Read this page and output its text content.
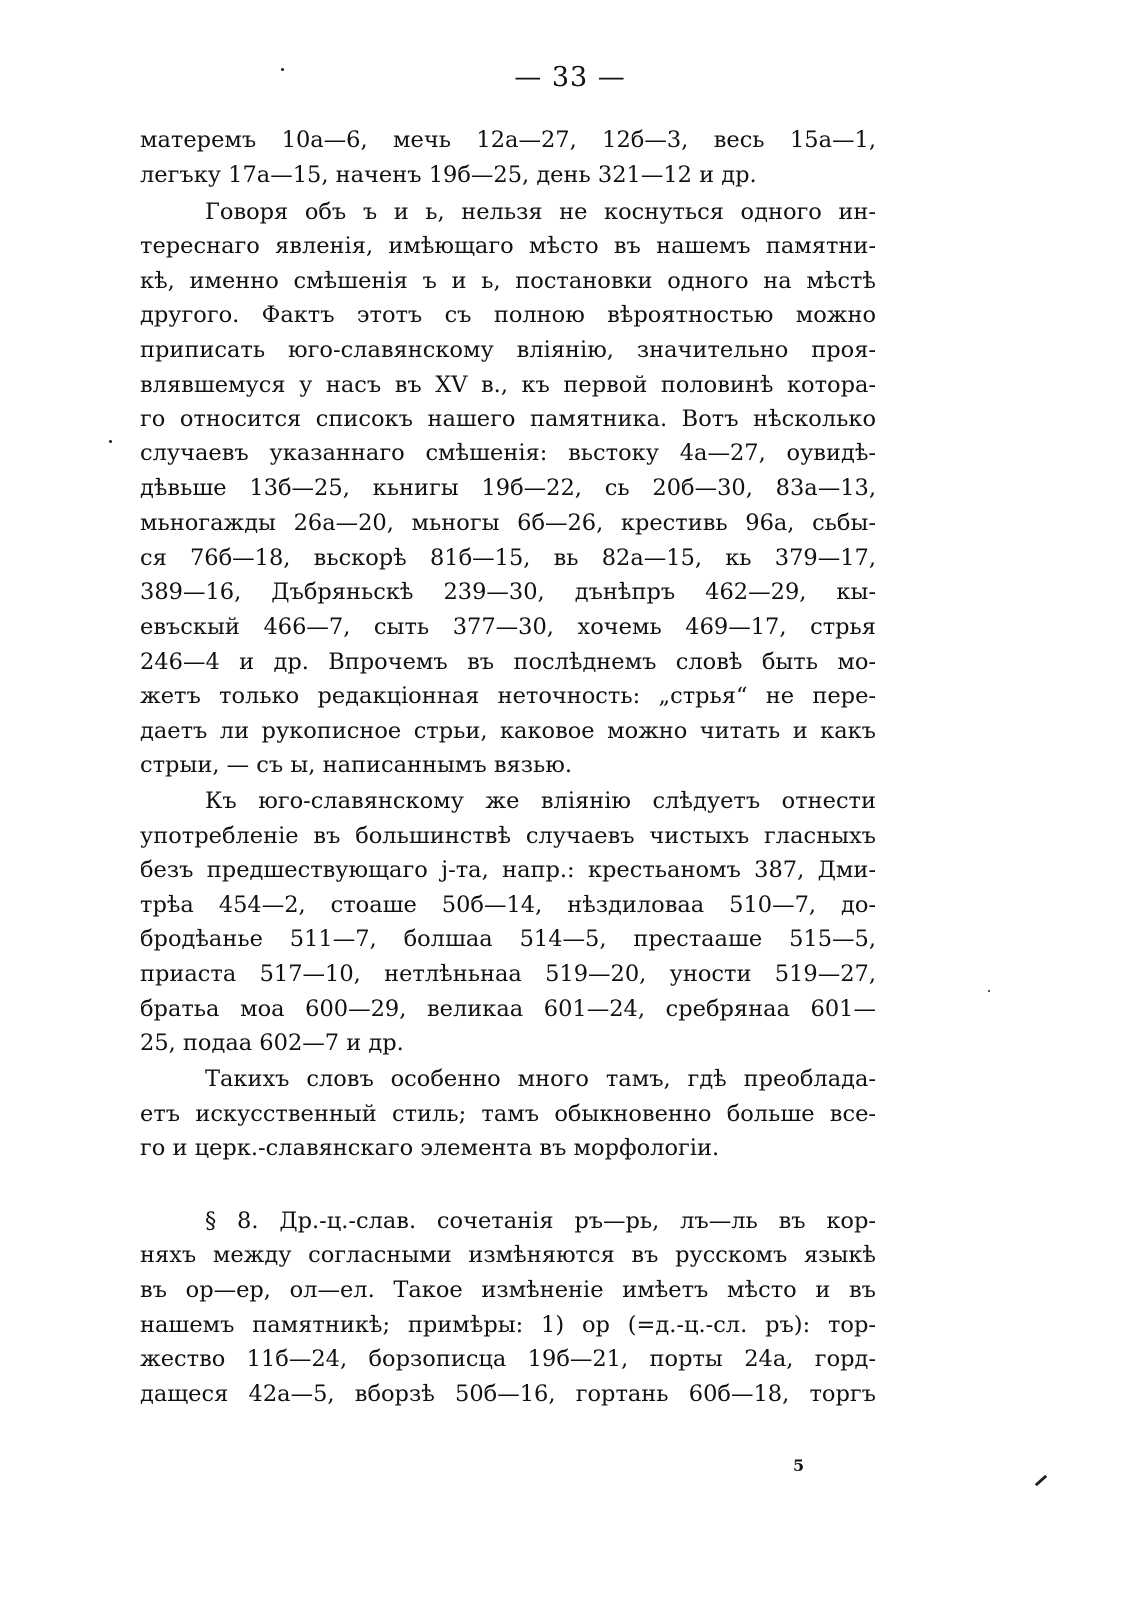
— 33 —
матеремъ 10а—6, мечь 12а—27, 12б—3, весь 15а—1,
легъку 17а—15, наченъ 19б—25, день 321—12 и др.
Говоря объ ъ и ь, нельзя не коснуться одного ин-
тереснаго явленія, имѣющаго мѣсто въ нашемъ памятни-
кѣ, именно смѣшенія ъ и ь, постановки одного на мѣстѣ
другого. Фактъ этотъ съ полною вѣроятностью можно
приписать юго-славянскому вліянію, значительно проя-
влявшемуся у насъ въ XV в., къ первой половинѣ котора-
го относится списокъ нашего памятника. Вотъ нѣсколько
случаевъ указаннаго смѣшенія: вьстоку 4а—27, оувидѣ-
дѣвьше 13б—25, кьнигы 19б—22, сь 20б—30, 83а—13,
мьногажды 26а—20, мьногы 6б—26, крестивь 96а, сьбы-
ся 76б—18, вьскорѣ 81б—15, вь 82а—15, кь 379—17,
389—16, Дъбряньскѣ 239—30, дънѣпръ 462—29, кы-
евъскый 466—7, сыть 377—30, хочемь 469—17, стрья
246—4 и др. Впрочемъ въ послѣднемъ словѣ быть мо-
жетъ только редакціонная неточность: „стрья“ не пере-
даетъ ли рукописное стрьи, каковое можно читать и какъ
стрыи, — съ ы, написаннымъ вязью.
Къ юго-славянскому же вліянію слѣдуетъ отнести
употребленіе въ большинствѣ случаевъ чистыхъ гласныхъ
безъ предшествующаго j-та, напр.: крестьаномъ 387, Дми-
трѣа 454—2, стоаше 50б—14, нѣздиловаа 510—7, до-
бродѣанье 511—7, болшаа 514—5, престааше 515—5,
приаста 517—10, нетлѣньнаа 519—20, уности 519—27,
братьа моа 600—29, великаа 601—24, сребрянаа 601—
25, подаа 602—7 и др.
Такихъ словъ особенно много тамъ, гдѣ преоблада-
етъ искусственный стиль; тамъ обыкновенно больше все-
го и церк.-славянскаго элемента въ морфологіи.
§ 8. Др.-ц.-слав. сочетанія ръ—рь, лъ—ль въ кор-
няхъ между согласными измѣняются въ русскомъ языкѣ
въ ор—ер, ол—ел. Такое измѣненіе имѣетъ мѣсто и въ
нашемъ памятникѣ; примѣры: 1) ор (=д.-ц.-сл. ръ): тор-
жество 11б—24, борзописца 19б—21, порты 24а, горд-
дащеся 42а—5, вборзѣ 50б—16, гортань 60б—18, торгъ
5
